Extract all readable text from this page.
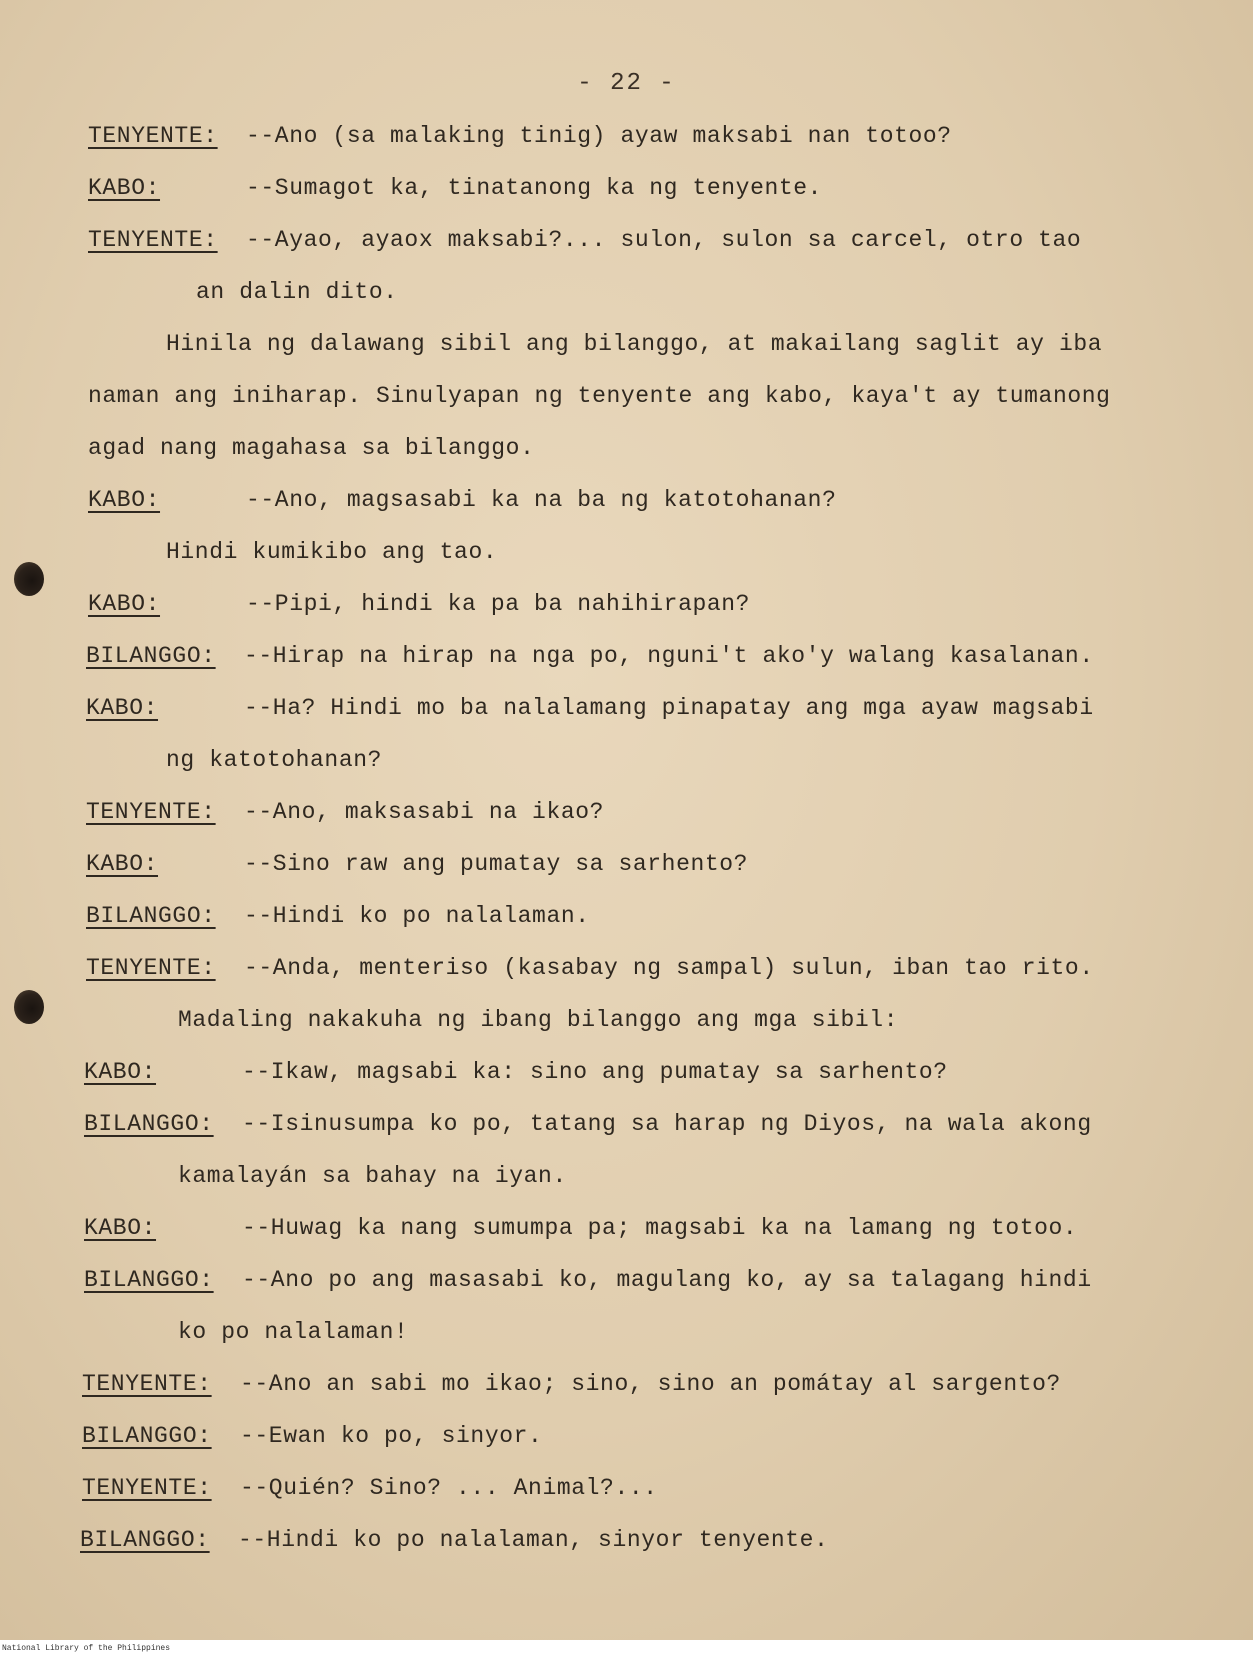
- 22 -
TENYENTE: --Ano (sa malaking tinig) ayaw maksabi nan totoo?
KABO:	--Sumagot ka, tinatanong ka ng tenyente.
TENYENTE: --Ayao, ayaox maksabi?... sulon, sulon sa carcel, otro tao
an dalin dito.
Hinila ng dalawang sibil ang bilanggo, at makailang saglit ay iba
naman ang iniharap. Sinulyapan ng tenyente ang kabo, kaya't ay tumanong
agad nang magahasa sa bilanggo.
KABO:	--Ano, magsasabi ka na ba ng katotohanan?
Hindi kumikibo ang tao.
KABO:	--Pipi, hindi ka pa ba nahihirapan?
BILANGGO: --Hirap na hirap na nga po, nguni't ako'y walang kasalanan.
KABO:	--Ha? Hindi mo ba nalalamang pinapatay ang mga ayaw magsabi
ng katotohanan?
TENYENTE: --Ano, maksasabi na ikao?
KABO:	--Sino raw ang pumatay sa sarhento?
BILANGGO: --Hindi ko po nalalaman.
TENYENTE: --Anda, menteriso (kasabay ng sampal) sulun, iban tao rito.
Madaling nakakuha ng ibang bilanggo ang mga sibil:
KABO:	--Ikaw, magsabi ka: sino ang pumatay sa sarhento?
BILANGGO: --Isinusumpa ko po, tatang sa harap ng Diyos, na wala akong
kamalayán sa bahay na iyan.
KABO:	--Huwag ka nang sumumpa pa; magsabi ka na lamang ng totoo.
BILANGGO: --Ano po ang masasabi ko, magulang ko, ay sa talagang hindi
ko po nalalaman!
TENYENTE: --Ano an sabi mo ikao; sino, sino an pomátay al sargento?
BILANGGO: --Ewan ko po, sinyor.
TENYENTE: --Quién? Sino? ... Animal?...
BILANGGO: --Hindi ko po nalalaman, sinyor tenyente.
National Library of the Philippines
